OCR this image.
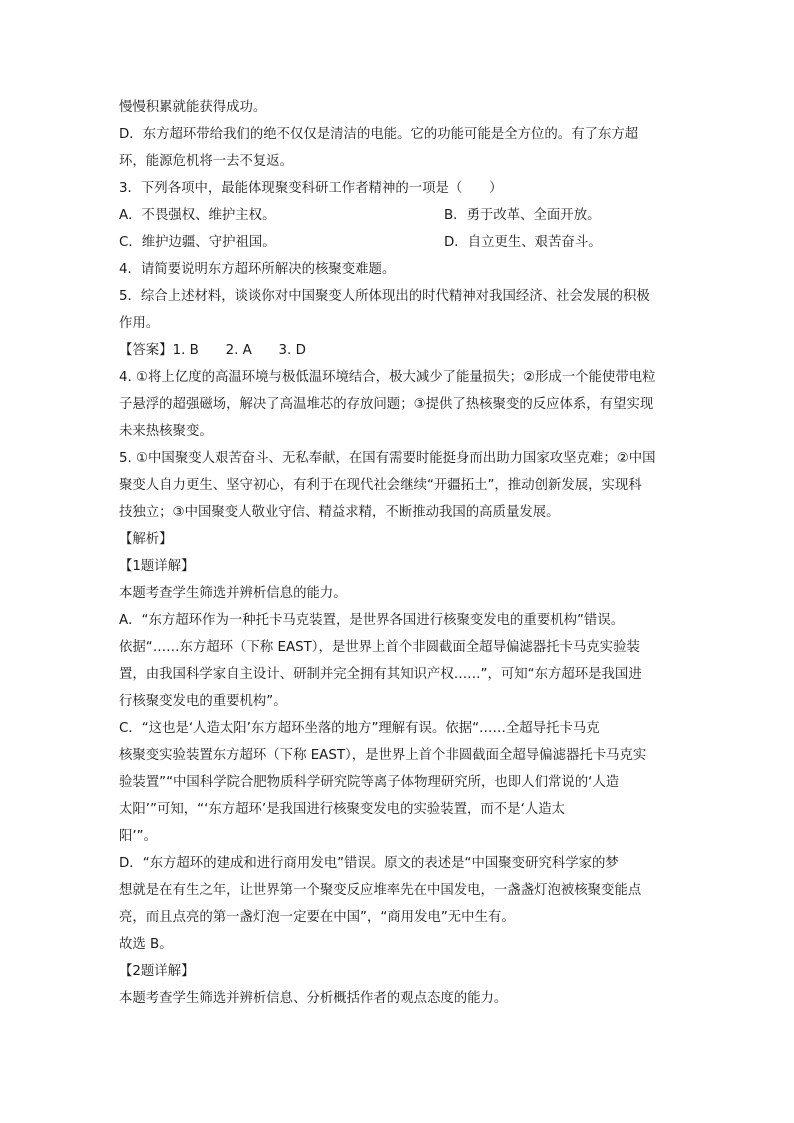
慢慢积累就能获得成功。
D．东方超环带给我们的绝不仅仅是清洁的电能。它的功能可能是全方位的。有了东方超
环，能源危机将一去不复返。
3．下列各项中，最能体现聚变科研工作者精神的一项是（　　）
A．不畏强权、维护主权。	B．勇于改革、全面开放。
C．维护边疆、守护祖国。	D．自立更生、艰苦奋斗。
4．请简要说明东方超环所解决的核聚变难题。
5．综合上述材料，谈谈你对中国聚变人所体现出的时代精神对我国经济、社会发展的积极
作用。
【答案】1. B　　2. A　　3. D
4. ①将上亿度的高温环境与极低温环境结合，极大减少了能量损失；②形成一个能使带电粒
子悬浮的超强磁场，解决了高温堆芯的存放问题；③提供了热核聚变的反应体系，有望实现
未来热核聚变。
5. ①中国聚变人艰苦奋斗、无私奉献，在国有需要时能挺身而出助力国家攻坚克难；②中国
聚变人自力更生、坚守初心，有利于在现代社会继续“开疆拓土”，推动创新发展，实现科
技独立；③中国聚变人敬业守信、精益求精，不断推动我国的高质量发展。
【解析】
【1题详解】
本题考查学生筛选并辨析信息的能力。
A．“东方超环作为一种托卡马克装置，是世界各国进行核聚变发电的重要机构”错误。
依据“……东方超环（下称 EAST），是世界上首个非圆截面全超导偏滤器托卡马克实验装
置，由我国科学家自主设计、研制并完全拥有其知识产权……”，可知“东方超环是我国进
行核聚变发电的重要机构”。
C．“这也是‘人造太阳’东方超环坐落的地方”理解有误。依据“……全超导托卡马克
核聚变实验装置东方超环（下称 EAST），是世界上首个非圆截面全超导偏滤器托卡马克实
验装置”“中国科学院合肥物质科学研究院等离子体物理研究所，也即人们常说的‘人造
太阳’”可知，“‘东方超环’是我国进行核聚变发电的实验装置，而不是‘人造太
阳’”。
D．“东方超环的建成和进行商用发电”错误。原文的表述是“中国聚变研究科学家的梦
想就是在有生之年，让世界第一个聚变反应堆率先在中国发电，一盏盏灯泡被核聚变能点
亮，而且点亮的第一盏灯泡一定要在中国”，“商用发电”无中生有。
故选 B。
【2题详解】
本题考查学生筛选并辨析信息、分析概括作者的观点态度的能力。
